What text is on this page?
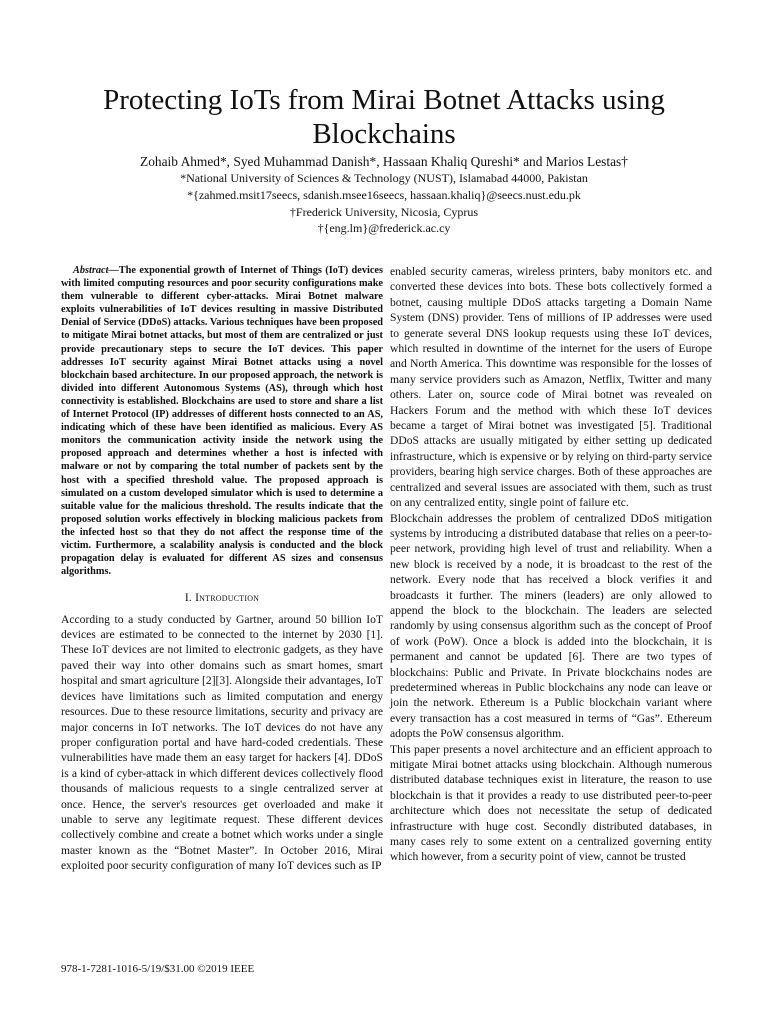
Protecting IoTs from Mirai Botnet Attacks using Blockchains
Zohaib Ahmed*, Syed Muhammad Danish*, Hassaan Khaliq Qureshi* and Marios Lestas†
*National University of Sciences & Technology (NUST), Islamabad 44000, Pakistan
*{zahmed.msit17seecs, sdanish.msee16seecs, hassaan.khaliq}@seecs.nust.edu.pk
†Frederick University, Nicosia, Cyprus
†{eng.lm}@frederick.ac.cy

Abstract—The exponential growth of Internet of Things (IoT) devices with limited computing resources and poor security configurations make them vulnerable to different cyber-attacks. Mirai Botnet malware exploits vulnerabilities of IoT devices resulting in massive Distributed Denial of Service (DDoS) attacks. Various techniques have been proposed to mitigate Mirai botnet attacks, but most of them are centralized or just provide precautionary steps to secure the IoT devices. This paper addresses IoT security against Mirai Botnet attacks using a novel blockchain based architecture. In our proposed approach, the network is divided into different Autonomous Systems (AS), through which host connectivity is established. Blockchains are used to store and share a list of Internet Protocol (IP) addresses of different hosts connected to an AS, indicating which of these have been identified as malicious. Every AS monitors the communication activity inside the network using the proposed approach and determines whether a host is infected with malware or not by comparing the total number of packets sent by the host with a specified threshold value. The proposed approach is simulated on a custom developed simulator which is used to determine a suitable value for the malicious threshold. The results indicate that the proposed solution works effectively in blocking malicious packets from the infected host so that they do not affect the response time of the victim. Furthermore, a scalability analysis is conducted and the block propagation delay is evaluated for different AS sizes and consensus algorithms.

I. Introduction

According to a study conducted by Gartner, around 50 billion IoT devices are estimated to be connected to the internet by 2030 [1]. These IoT devices are not limited to electronic gadgets, as they have paved their way into other domains such as smart homes, smart hospital and smart agriculture [2][3]. Alongside their advantages, IoT devices have limitations such as limited computation and energy resources. Due to these resource limitations, security and privacy are major concerns in IoT networks. The IoT devices do not have any proper configuration portal and have hard-coded credentials. These vulnerabilities have made them an easy target for hackers [4]. DDoS is a kind of cyber-attack in which different devices collectively flood thousands of malicious requests to a single centralized server at once. Hence, the server's resources get overloaded and make it unable to serve any legitimate request. These different devices collectively combine and create a botnet which works under a single master known as the “Botnet Master”. In October 2016, Mirai exploited poor security configuration of many IoT devices such as IP

enabled security cameras, wireless printers, baby monitors etc. and converted these devices into bots. These bots collectively formed a botnet, causing multiple DDoS attacks targeting a Domain Name System (DNS) provider. Tens of millions of IP addresses were used to generate several DNS lookup requests using these IoT devices, which resulted in downtime of the internet for the users of Europe and North America. This downtime was responsible for the losses of many service providers such as Amazon, Netflix, Twitter and many others. Later on, source code of Mirai botnet was revealed on Hackers Forum and the method with which these IoT devices became a target of Mirai botnet was investigated [5]. Traditional DDoS attacks are usually mitigated by either setting up dedicated infrastructure, which is expensive or by relying on third-party service providers, bearing high service charges. Both of these approaches are centralized and several issues are associated with them, such as trust on any centralized entity, single point of failure etc.

Blockchain addresses the problem of centralized DDoS mitigation systems by introducing a distributed database that relies on a peer-to-peer network, providing high level of trust and reliability. When a new block is received by a node, it is broadcast to the rest of the network. Every node that has received a block verifies it and broadcasts it further. The miners (leaders) are only allowed to append the block to the blockchain. The leaders are selected randomly by using consensus algorithm such as the concept of Proof of work (PoW). Once a block is added into the blockchain, it is permanent and cannot be updated [6]. There are two types of blockchains: Public and Private. In Private blockchains nodes are predetermined whereas in Public blockchains any node can leave or join the network. Ethereum is a Public blockchain variant where every transaction has a cost measured in terms of “Gas”. Ethereum adopts the PoW consensus algorithm.

This paper presents a novel architecture and an efficient approach to mitigate Mirai botnet attacks using blockchain. Although numerous distributed database techniques exist in literature, the reason to use blockchain is that it provides a ready to use distributed peer-to-peer architecture which does not necessitate the setup of dedicated infrastructure with huge cost. Secondly distributed databases, in many cases rely to some extent on a centralized governing entity which however, from a security point of view, cannot be trusted

978-1-7281-1016-5/19/$31.00 ©2019 IEEE
